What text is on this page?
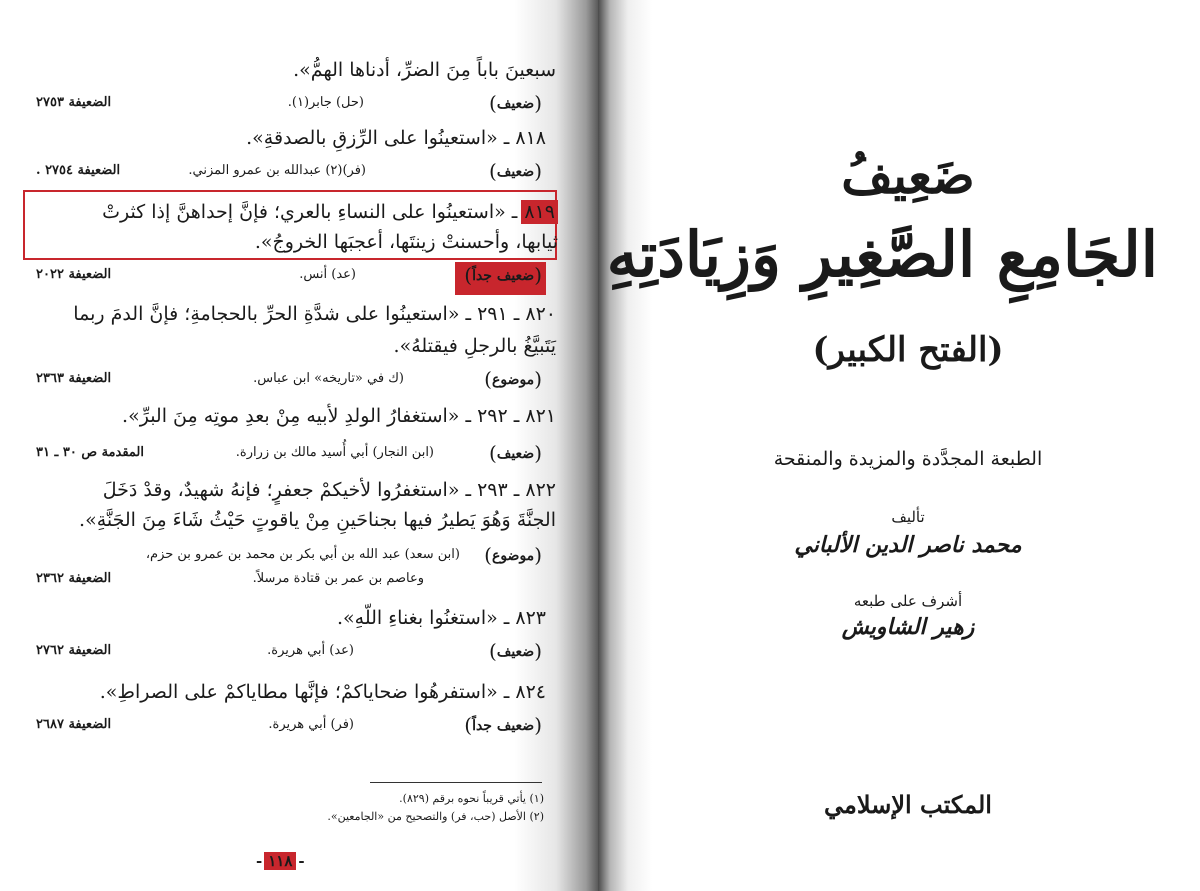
سبعينَ باباً مِنَ الضرِّ، أدناها الهمُّ».
(ضعيف)
(حل) جابر(١).
الضعيفة ٢٧٥٣
٨١٨ ـ «استعينُوا على الرِّزقِ بالصدقةِ».
(ضعيف)
(فر)(٢) عبدالله بن عمرو المزني.
الضعيفة ٢٧٥٤ .
٨١٩ـ «استعينُوا على النساءِ بالعري؛ فإنَّ إحداهنَّ إذا كثرتْ
ثيابها، وأحسنتْ زينتَها، أعجبَها الخروجُ».
(ضعيف جداً)
(عد) أنس.
الضعيفة ٢٠٢٢
٨٢٠ ـ ٢٩١ ـ «استعينُوا على شدَّةِ الحرِّ بالحجامةِ؛ فإنَّ الدمَ ربما
يَتَبيَّغُ بالرجلِ فيقتلهُ».
(موضوع)
(ك في «تاريخه» ابن عباس.
الضعيفة ٢٣٦٣
٨٢١ ـ ٢٩٢ ـ «استغفارُ الولدِ لأبيه مِنْ بعدِ موتِه مِنَ البرِّ».
(ضعيف)
(ابن النجار) أبي أُسيد مالك بن زرارة.
المقدمة ص ٣٠ ـ ٣١
٨٢٢ ـ ٢٩٣ ـ «استغفرُوا لأخيكمْ جعفرٍ؛ فإنهُ شهيدٌ، وقدْ دَخَلَ
الجنَّةَ وَهُوَ يَطيرُ فيها بجناحَينِ مِنْ ياقوتٍ حَيْثُ شَاءَ مِنَ الجَنَّةِ».
(موضوع)
(ابن سعد) عبد الله بن أبي بكر بن محمد بن عمرو بن حزم،
وعاصم بن عمر بن قتادة مرسلاً.
الضعيفة ٢٣٦٢
٨٢٣ ـ «استغنُوا بغناءِ اللّهِ».
(ضعيف)
(عد) أبي هريرة.
الضعيفة ٢٧٦٢
٨٢٤ ـ «استفرهُوا ضحاياكمْ؛ فإنَّها مطاياكمْ على الصراطِ».
(ضعيف جداً)
(فر) أبي هريرة.
الضعيفة ٢٦٨٧
(١) يأتي قريباً نحوه برقم (٨٢٩).
(٢) الأصل (حب، فر) والتصحيح من «الجامعين».
- ١١٨ -
ضَعِيفُ
الجَامِعِ الصَّغِيرِ وَزِيَادَتِهِ
(الفتح الكبير)
الطبعة المجدَّدة والمزيدة والمنقحة
تأليف
محمد ناصر الدين الألباني
أشرف على طبعه
زهير الشاويش
المكتب الإسلامي
